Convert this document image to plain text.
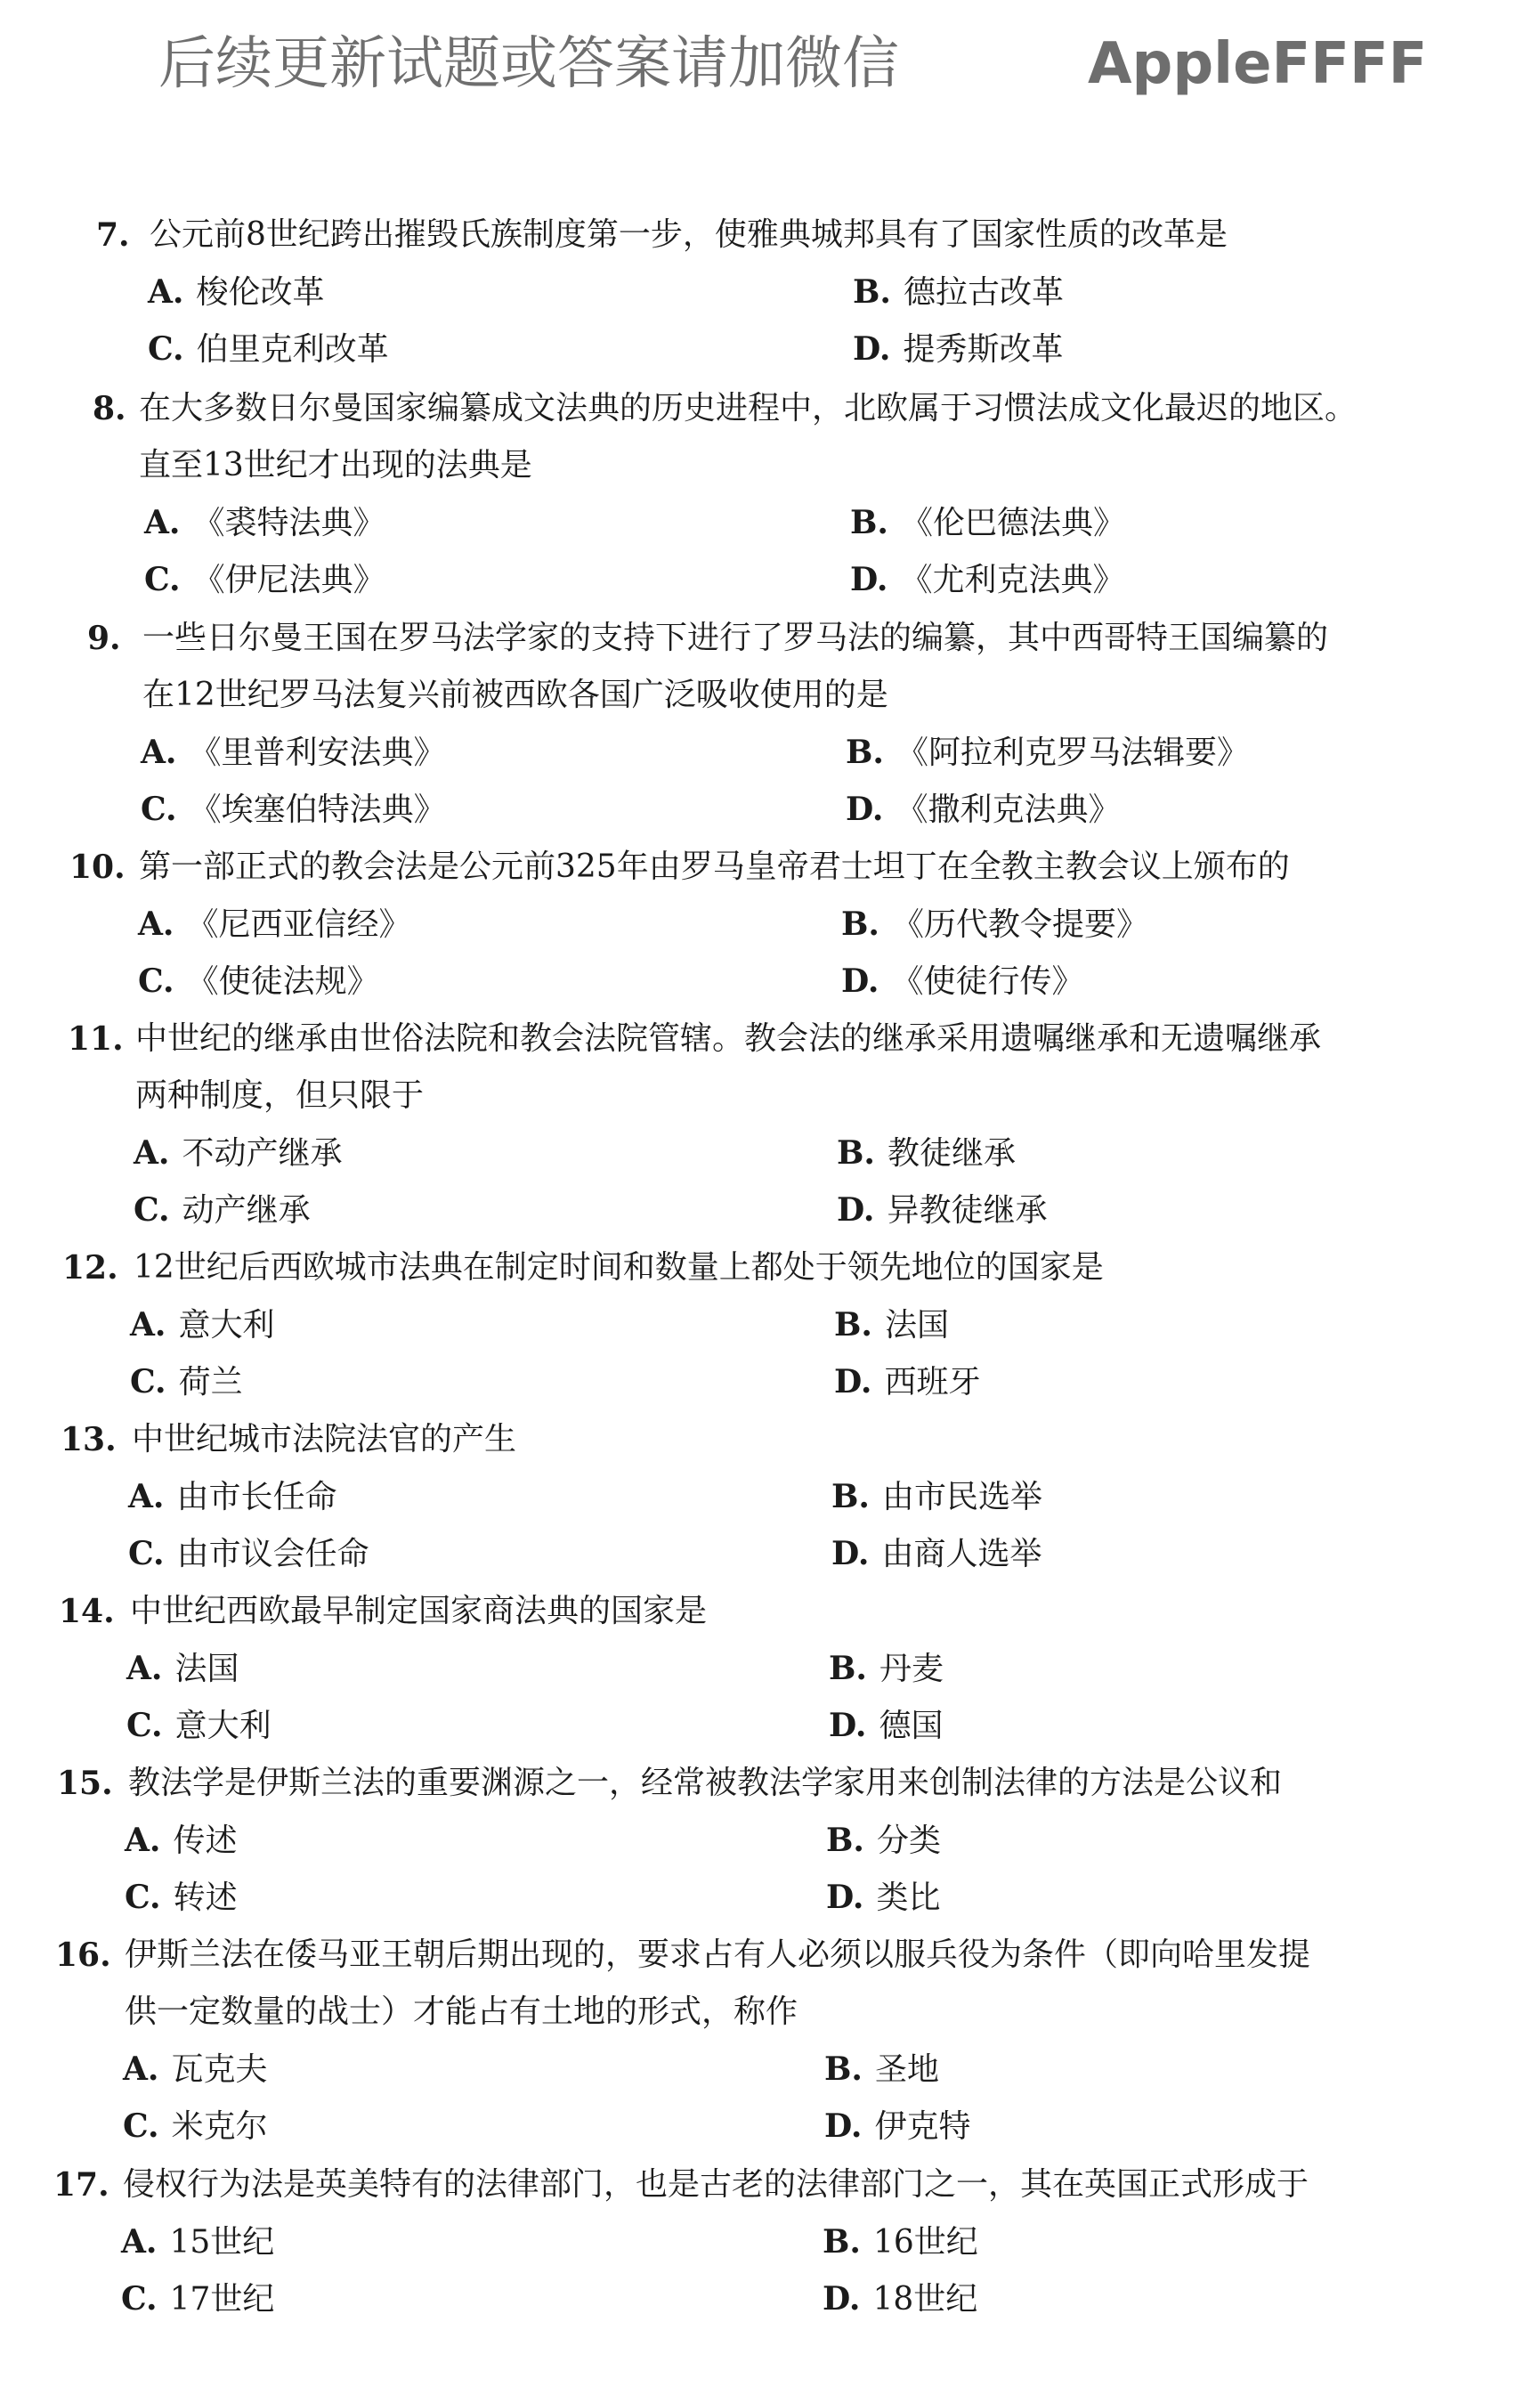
后续更新试题或答案请加微信	AppleFFFF
7. 公元前8世纪跨出摧毁氏族制度第一步，使雅典城邦具有了国家性质的改革是
A. 梭伦改革	B. 德拉古改革
C. 伯里克利改革	D. 提秀斯改革
8. 在大多数日尔曼国家编纂成文法典的历史进程中，北欧属于习惯法成文化最迟的地区。
直至13世纪才出现的法典是
A. 《裘特法典》	B. 《伦巴德法典》
C. 《伊尼法典》	D. 《尤利克法典》
9. 一些日尔曼王国在罗马法学家的支持下进行了罗马法的编纂，其中西哥特王国编纂的
在12世纪罗马法复兴前被西欧各国广泛吸收使用的是
A. 《里普利安法典》	B. 《阿拉利克罗马法辑要》
C. 《埃塞伯特法典》	D. 《撒利克法典》
10. 第一部正式的教会法是公元前325年由罗马皇帝君士坦丁在全教主教会议上颁布的
A. 《尼西亚信经》	B. 《历代教令提要》
C. 《使徒法规》	D. 《使徒行传》
11. 中世纪的继承由世俗法院和教会法院管辖。教会法的继承采用遗嘱继承和无遗嘱继承
两种制度，但只限于
A. 不动产继承	B. 教徒继承
C. 动产继承	D. 异教徒继承
12. 12世纪后西欧城市法典在制定时间和数量上都处于领先地位的国家是
A. 意大利	B. 法国
C. 荷兰	D. 西班牙
13. 中世纪城市法院法官的产生
A. 由市长任命	B. 由市民选举
C. 由市议会任命	D. 由商人选举
14. 中世纪西欧最早制定国家商法典的国家是
A. 法国	B. 丹麦
C. 意大利	D. 德国
15. 教法学是伊斯兰法的重要渊源之一，经常被教法学家用来创制法律的方法是公议和
A. 传述	B. 分类
C. 转述	D. 类比
16. 伊斯兰法在倭马亚王朝后期出现的，要求占有人必须以服兵役为条件（即向哈里发提
供一定数量的战士）才能占有土地的形式，称作
A. 瓦克夫	B. 圣地
C. 米克尔	D. 伊克特
17. 侵权行为法是英美特有的法律部门，也是古老的法律部门之一，其在英国正式形成于
A. 15世纪	B. 16世纪
C. 17世纪	D. 18世纪
